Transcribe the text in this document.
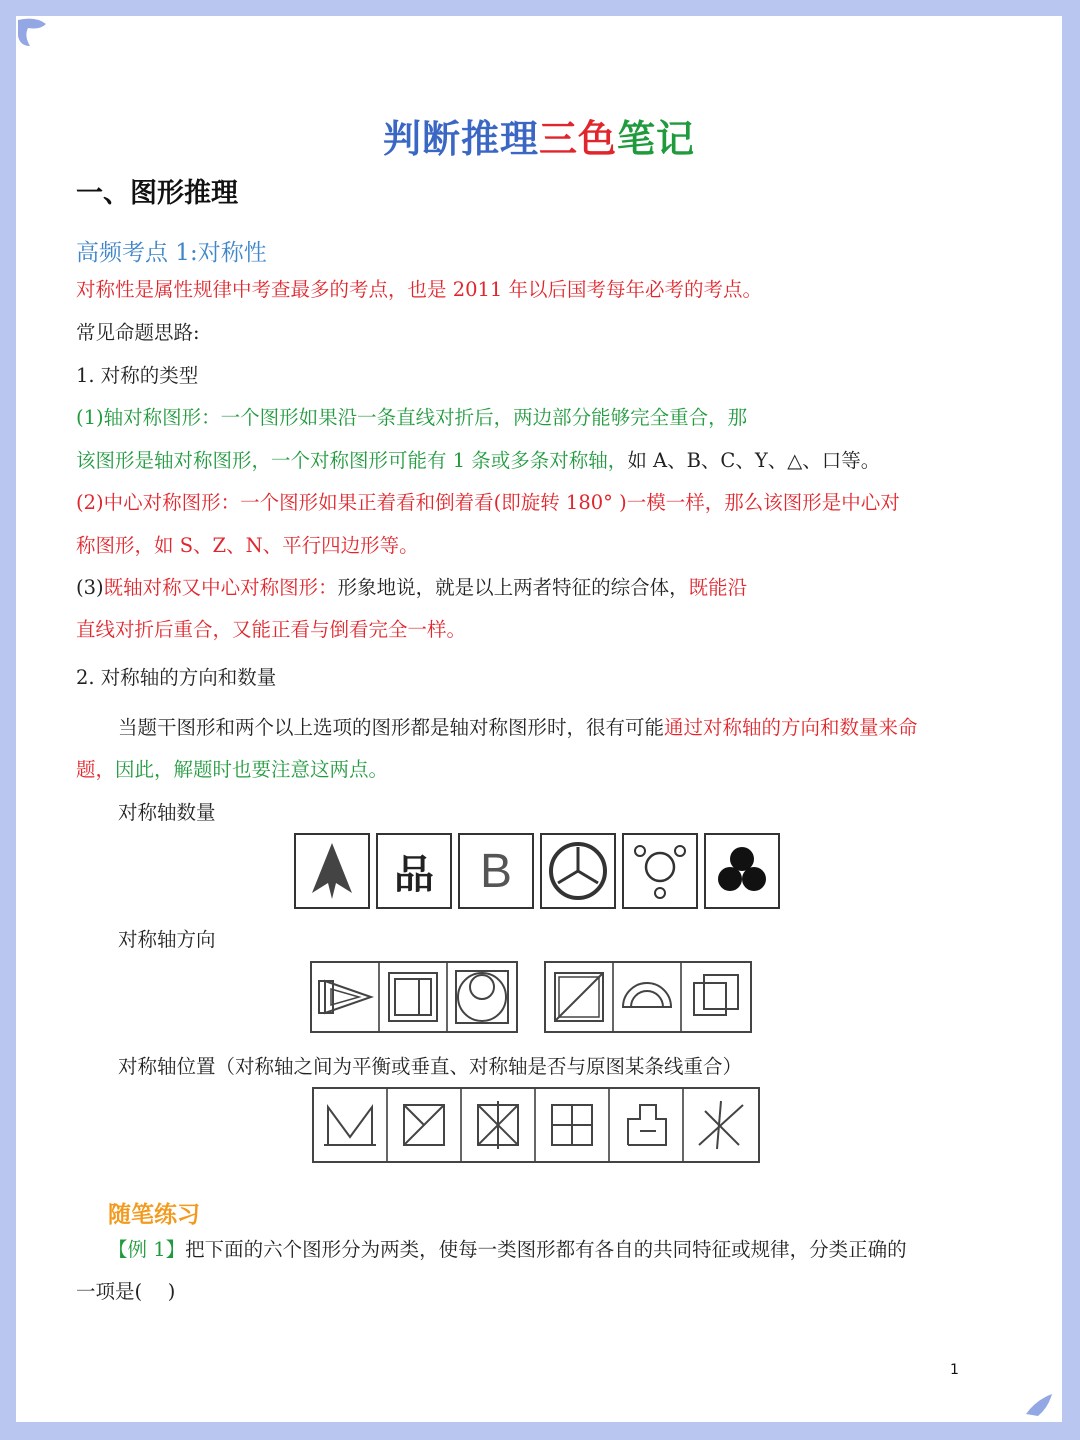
判断推理三色笔记
一、图形推理
高频考点 1:对称性
对称性是属性规律中考查最多的考点，也是 2011 年以后国考每年必考的考点。
常见命题思路:
1. 对称的类型
(1)轴对称图形：一个图形如果沿一条直线对折后，两边部分能够完全重合，那
该图形是轴对称图形，一个对称图形可能有 1 条或多条对称轴，如 A、B、C、Y、△、口等。
(2)中心对称图形：一个图形如果正着看和倒着看(即旋转 180° )一模一样，那么该图形是中心对
称图形，如 S、Z、N、平行四边形等。
(3)既轴对称又中心对称图形：形象地说，就是以上两者特征的综合体，既能沿
直线对折后重合，又能正看与倒看完全一样。
2. 对称轴的方向和数量
当题干图形和两个以上选项的图形都是轴对称图形时，很有可能通过对称轴的方向和数量来命
题，因此，解题时也要注意这两点。
对称轴数量
品 B
对称轴方向
对称轴位置（对称轴之间为平衡或垂直、对称轴是否与原图某条线重合）
随笔练习
【例 1】把下面的六个图形分为两类，使每一类图形都有各自的共同特征或规律，分类正确的
一项是(　 )
1
